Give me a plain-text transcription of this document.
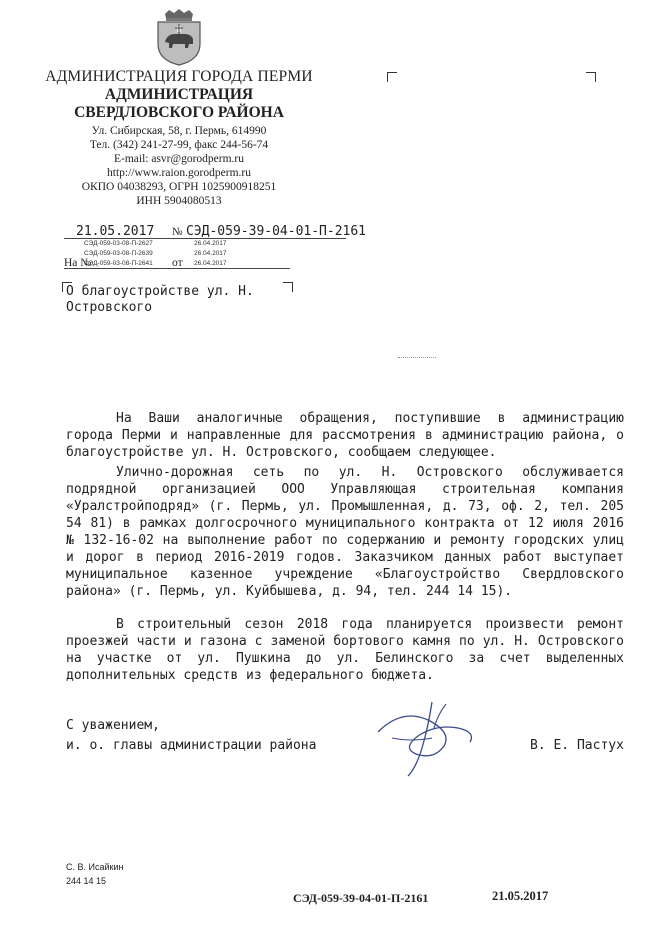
АДМИНИСТРАЦИЯ ГОРОДА ПЕРМИ
АДМИНИСТРАЦИЯ
СВЕРДЛОВСКОГО РАЙОНА
Ул. Сибирская, 58, г. Пермь, 614990
Тел. (342) 241-27-99, факс 244-56-74
E-mail: asvr@gorodperm.ru
http://www.raion.gorodperm.ru
ОКПО 04038293, ОГРН 1025900918251
ИНН 5904080513
21.05.2017 № СЭД-059-39-04-01-П-2161
СЭД-059-03-08-П-2627	26.04.2017
СЭД-059-03-08-П-2639	26.04.2017
На №
СЭД-059-03-08-П-2641 от 26.04.2017
О благоустройстве ул. Н. Островского

На Ваши аналогичные обращения, поступившие в администрацию города Перми и направленные для рассмотрения в администрацию района, о благоустройстве ул. Н. Островского, сообщаем следующее.

Улично-дорожная сеть по ул. Н. Островского обслуживается подрядной организацией ООО Управляющая строительная компания «Уралстройподряд» (г. Пермь, ул. Промышленная, д. 73, оф. 2, тел. 205 54 81) в рамках долгосрочного муниципального контракта от 12 июля 2016 № 132-16-02 на выполнение работ по содержанию и ремонту городских улиц и дорог в период 2016-2019 годов. Заказчиком данных работ выступает муниципальное казенное учреждение «Благоустройство Свердловского района» (г. Пермь, ул. Куйбышева, д. 94, тел. 244 14 15).

В строительный сезон 2018 года планируется произвести ремонт проезжей части и газона с заменой бортового камня по ул. Н. Островского на участке от ул. Пушкина до ул. Белинского за счет выделенных дополнительных средств из федерального бюджета.

С уважением,
и. о. главы администрации района	В. Е. Пастух
С. В. Исайкин
244 14 15
СЭД-059-39-04-01-П-2161	21.05.2017
